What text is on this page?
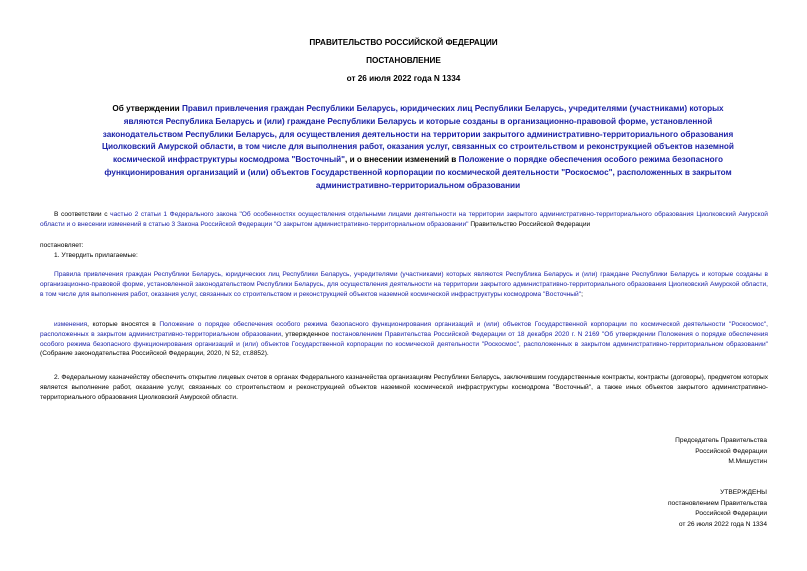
ПРАВИТЕЛЬСТВО РОССИЙСКОЙ ФЕДЕРАЦИИ
ПОСТАНОВЛЕНИЕ
от 26 июля 2022 года N 1334
Об утверждении Правил привлечения граждан Республики Беларусь, юридических лиц Республики Беларусь, учредителями (участниками) которых являются Республика Беларусь и (или) граждане Республики Беларусь и которые созданы в организационно-правовой форме, установленной законодательством Республики Беларусь, для осуществления деятельности на территории закрытого административно-территориального образования Циолковский Амурской области, в том числе для выполнения работ, оказания услуг, связанных со строительством и реконструкцией объектов наземной космической инфраструктуры космодрома "Восточный", и о внесении изменений в Положение о порядке обеспечения особого режима безопасного функционирования организаций и (или) объектов Государственной корпорации по космической деятельности "Роскосмос", расположенных в закрытом административно-территориальном образовании
В соответствии с частью 2 статьи 1 Федерального закона "Об особенностях осуществления отдельными лицами деятельности на территории закрытого административно-территориального образования Циолковский Амурской области и о внесении изменений в статью 3 Закона Российской Федерации "О закрытом административно-территориальном образовании" Правительство Российской Федерации
постановляет:
1. Утвердить прилагаемые:
Правила привлечения граждан Республики Беларусь, юридических лиц Республики Беларусь, учредителями (участниками) которых являются Республика Беларусь и (или) граждане Республики Беларусь и которые созданы в организационно-правовой форме, установленной законодательством Республики Беларусь, для осуществления деятельности на территории закрытого административно-территориального образования Циолковский Амурской области, в том числе для выполнения работ, оказания услуг, связанных со строительством и реконструкцией объектов наземной космической инфраструктуры космодрома "Восточный";
изменения, которые вносятся в Положение о порядке обеспечения особого режима безопасного функционирования организаций и (или) объектов Государственной корпорации по космической деятельности "Роскосмос", расположенных в закрытом административно-территориальном образовании, утвержденное постановлением Правительства Российской Федерации от 18 декабря 2020 г. N 2169 "Об утверждении Положения о порядке обеспечения особого режима безопасного функционирования организаций и (или) объектов Государственной корпорации по космической деятельности "Роскосмос", расположенных в закрытом административно-территориальном образовании" (Собрание законодательства Российской Федерации, 2020, N 52, ст.8852).
2. Федеральному казначейству обеспечить открытие лицевых счетов в органах Федерального казначейства организациям Республики Беларусь, заключившим государственные контракты, контракты (договоры), предметом которых является выполнение работ, оказание услуг, связанных со строительством и реконструкцией объектов наземной космической инфраструктуры космодрома "Восточный", а также иных объектов закрытого административно-территориального образования Циолковский Амурской области.
Председатель Правительства
Российской Федерации
М.Мишустин
УТВЕРЖДЕНЫ
постановлением Правительства
Российской Федерации
от 26 июля 2022 года N 1334
